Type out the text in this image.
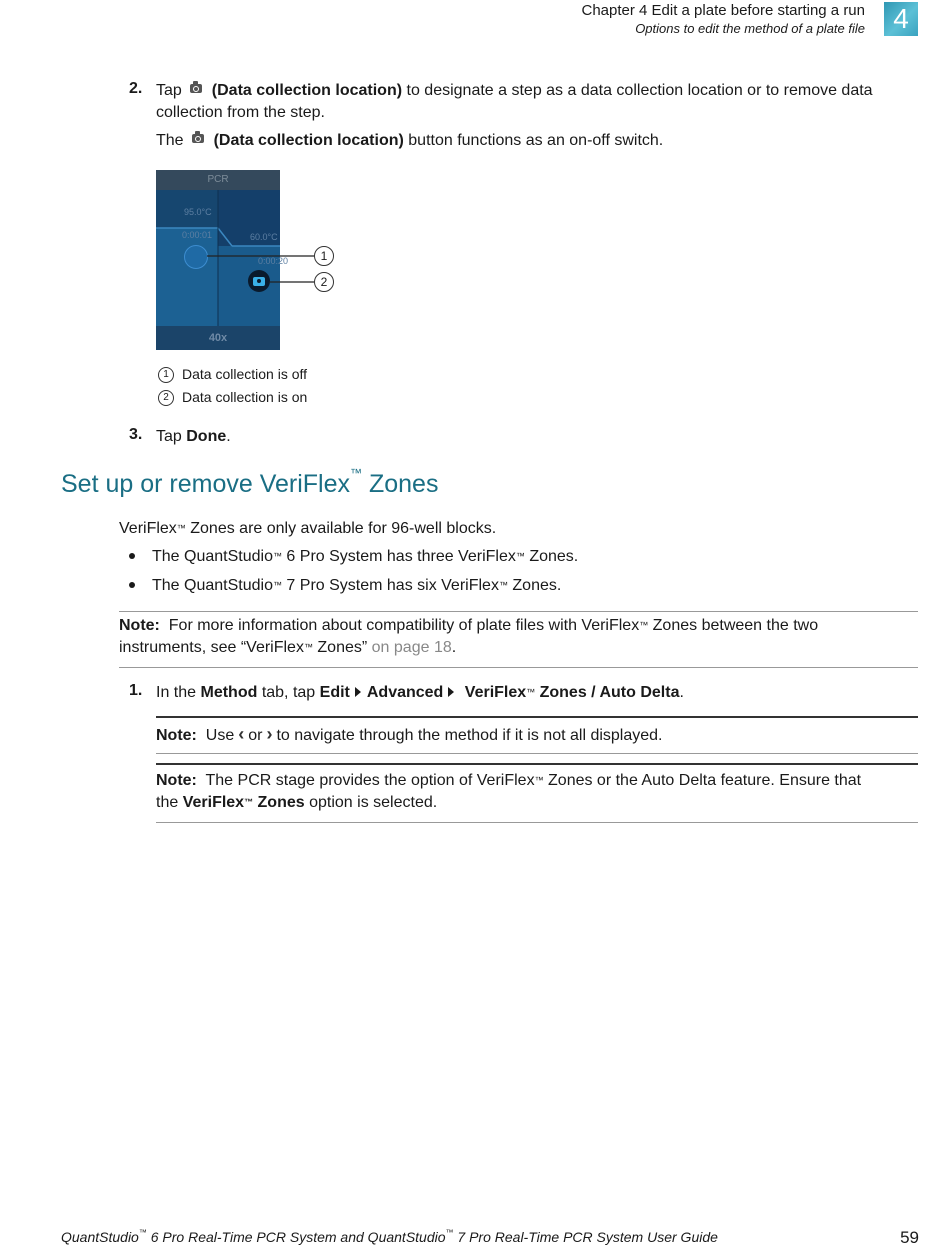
Chapter 4 Edit a plate before starting a run
Options to edit the method of a plate file	4
2. Tap (Data collection location) to designate a step as a data collection location or to remove data collection from the step.
The (Data collection location) button functions as an on-off switch.
PCR
95.0°C
0:00:01	60.0°C
0:00:20
40x
1
2
1 Data collection is off
2 Data collection is on
3. Tap Done.
Set up or remove VeriFlex™ Zones
VeriFlex™ Zones are only available for 96-well blocks.
The QuantStudio™ 6 Pro System has three VeriFlex™ Zones.
The QuantStudio™ 7 Pro System has six VeriFlex™ Zones.
Note: For more information about compatibility of plate files with VeriFlex™ Zones between the two
instruments, see “VeriFlex™ Zones” on page 18.
1. In the Method tab, tap Edit Advanced VeriFlex™ Zones / Auto Delta.
Note: Use ‹ or › to navigate through the method if it is not all displayed.
Note: The PCR stage provides the option of VeriFlex™ Zones or the Auto Delta feature. Ensure that
the VeriFlex™ Zones option is selected.
QuantStudio™ 6 Pro Real-Time PCR System and QuantStudio™ 7 Pro Real-Time PCR System User Guide	59
